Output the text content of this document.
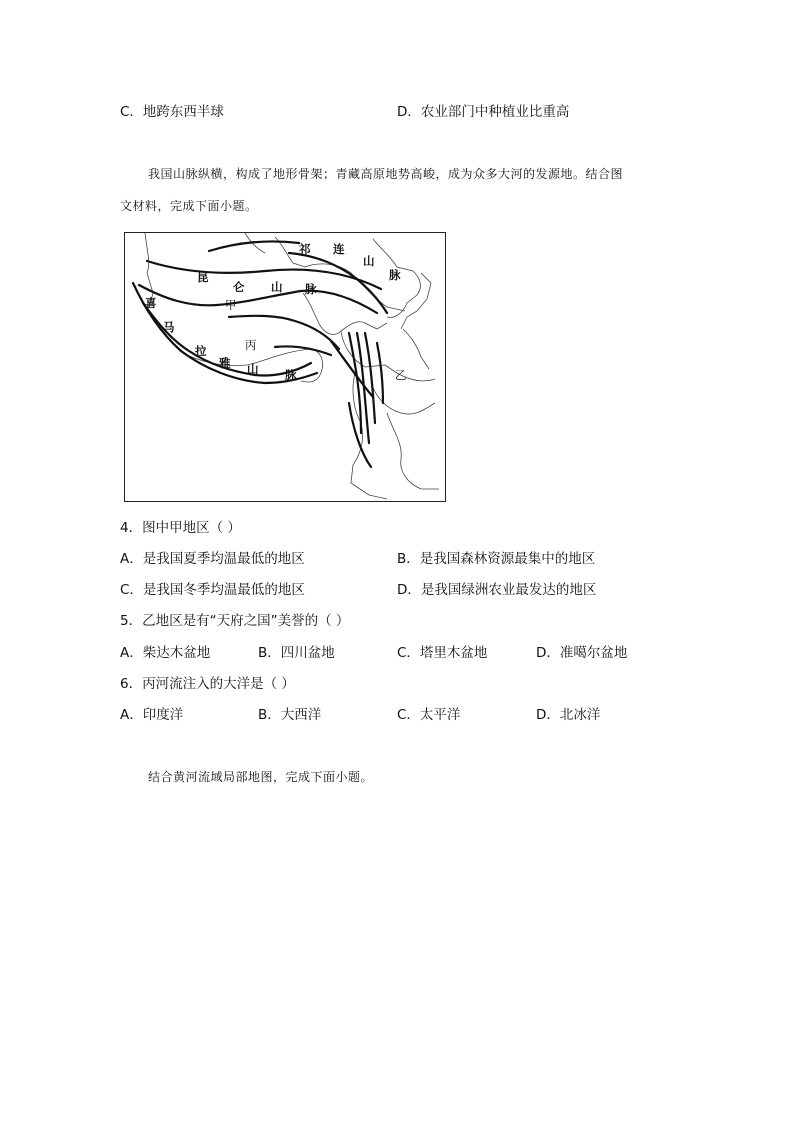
C．地跨东西半球	D．农业部门中种植业比重高
我国山脉纵横，构成了地形骨架；青藏高原地势高峻，成为众多大河的发源地。结合图
文材料，完成下面小题。
祁 连
山
脉
昆
仑 山 脉
甲
丙
乙
喜
马
拉
雅 山 脉
4．图中甲地区（ ）
A．是我国夏季均温最低的地区	B．是我国森林资源最集中的地区
C．是我国冬季均温最低的地区	D．是我国绿洲农业最发达的地区
5．乙地区是有“天府之国”美誉的（ ）
A．柴达木盆地	B．四川盆地	C．塔里木盆地	D．准噶尔盆地
6．丙河流注入的大洋是（ ）
A．印度洋	B．大西洋	C．太平洋	D．北冰洋
结合黄河流域局部地图，完成下面小题。
